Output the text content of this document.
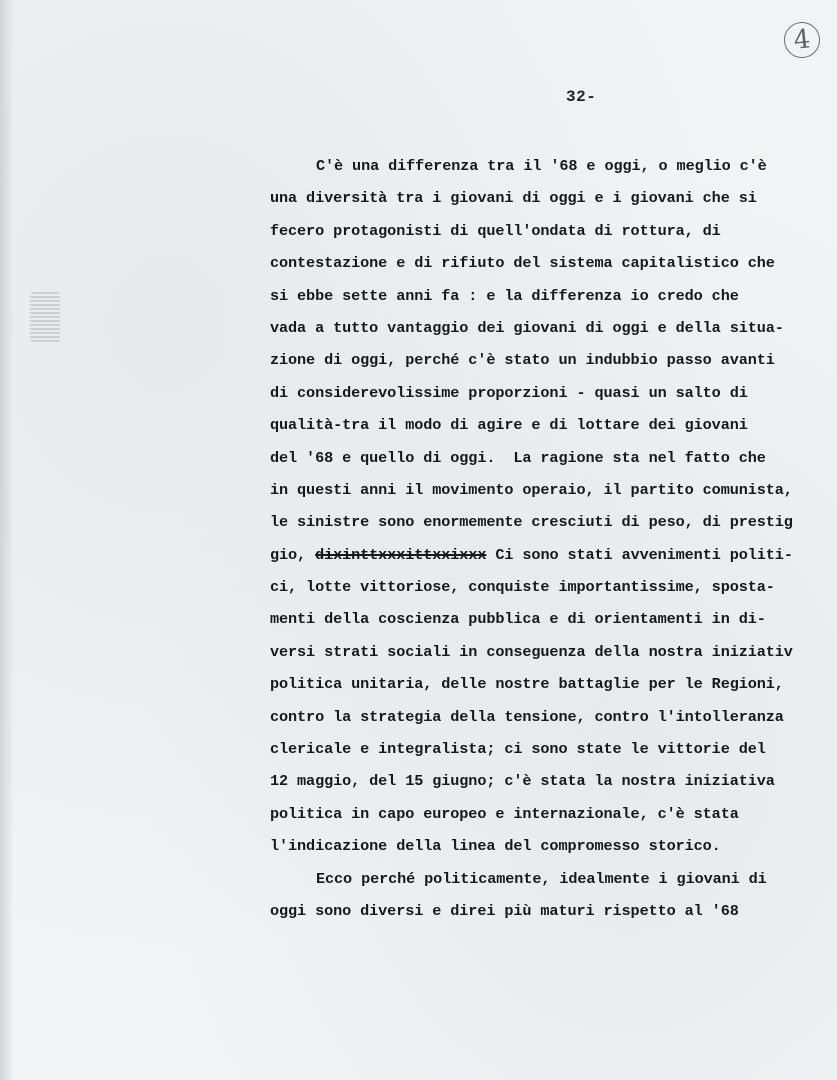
4
32-
C'è una differenza tra il '68 e oggi, o meglio c'è
una diversità tra i giovani di oggi e i giovani che si
fecero protagonisti di quell'ondata di rottura, di
contestazione e di rifiuto del sistema capitalistico che
si ebbe sette anni fa : e la differenza io credo che
vada a tutto vantaggio dei giovani di oggi e della situa-
zione di oggi, perché c'è stato un indubbio passo avanti
di considerevolissime proporzioni - quasi un salto di
qualità-tra il modo di agire e di lottare dei giovani
del '68 e quello di oggi.  La ragione sta nel fatto che
in questi anni il movimento operaio, il partito comunista,
le sinistre sono enormemente cresciuti di peso, di prestig
gio, dixinttxxxittxxixxx Ci sono stati avvenimenti politi-
ci, lotte vittoriose, conquiste importantissime, sposta-
menti della coscienza pubblica e di orientamenti in di-
versi strati sociali in conseguenza della nostra iniziativ
politica unitaria, delle nostre battaglie per le Regioni,
contro la strategia della tensione, contro l'intolleranza
clericale e integralista; ci sono state le vittorie del
12 maggio, del 15 giugno; c'è stata la nostra iniziativa
politica in capo europeo e internazionale, c'è stata
l'indicazione della linea del compromesso storico.
Ecco perché politicamente, idealmente i giovani di
oggi sono diversi e direi più maturi rispetto al '68
